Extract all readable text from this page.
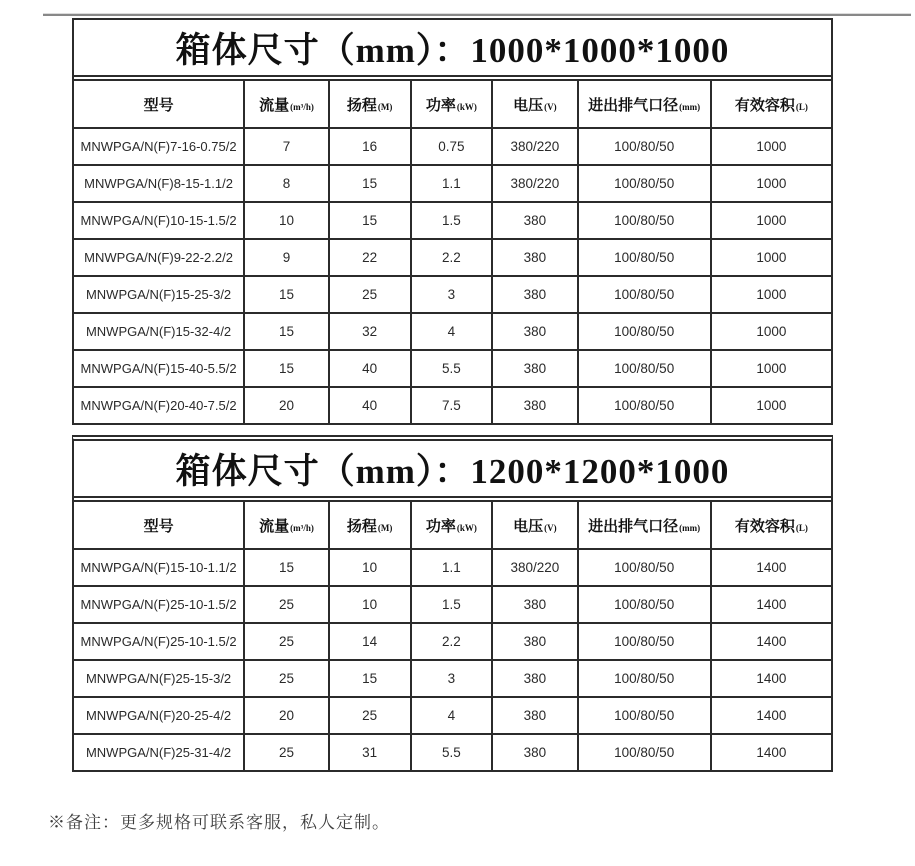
箱体尺寸（mm）：1000*1000*1000
型号	流量(m³/h)	扬程(M)	功率(kW)	电压(V)	进出排气口径(mm)	有效容积(L)
MNWPGA/N(F)7-16-0.75/2	7	16	0.75	380/220	100/80/50	1000
MNWPGA/N(F)8-15-1.1/2	8	15	1.1	380/220	100/80/50	1000
MNWPGA/N(F)10-15-1.5/2	10	15	1.5	380	100/80/50	1000
MNWPGA/N(F)9-22-2.2/2	9	22	2.2	380	100/80/50	1000
MNWPGA/N(F)15-25-3/2	15	25	3	380	100/80/50	1000
MNWPGA/N(F)15-32-4/2	15	32	4	380	100/80/50	1000
MNWPGA/N(F)15-40-5.5/2	15	40	5.5	380	100/80/50	1000
MNWPGA/N(F)20-40-7.5/2	20	40	7.5	380	100/80/50	1000
箱体尺寸（mm）：1200*1200*1000
型号	流量(m³/h)	扬程(M)	功率(kW)	电压(V)	进出排气口径(mm)	有效容积(L)
MNWPGA/N(F)15-10-1.1/2	15	10	1.1	380/220	100/80/50	1400
MNWPGA/N(F)25-10-1.5/2	25	10	1.5	380	100/80/50	1400
MNWPGA/N(F)25-10-1.5/2	25	14	2.2	380	100/80/50	1400
MNWPGA/N(F)25-15-3/2	25	15	3	380	100/80/50	1400
MNWPGA/N(F)20-25-4/2	20	25	4	380	100/80/50	1400
MNWPGA/N(F)25-31-4/2	25	31	5.5	380	100/80/50	1400

※备注：更多规格可联系客服，私人定制。
